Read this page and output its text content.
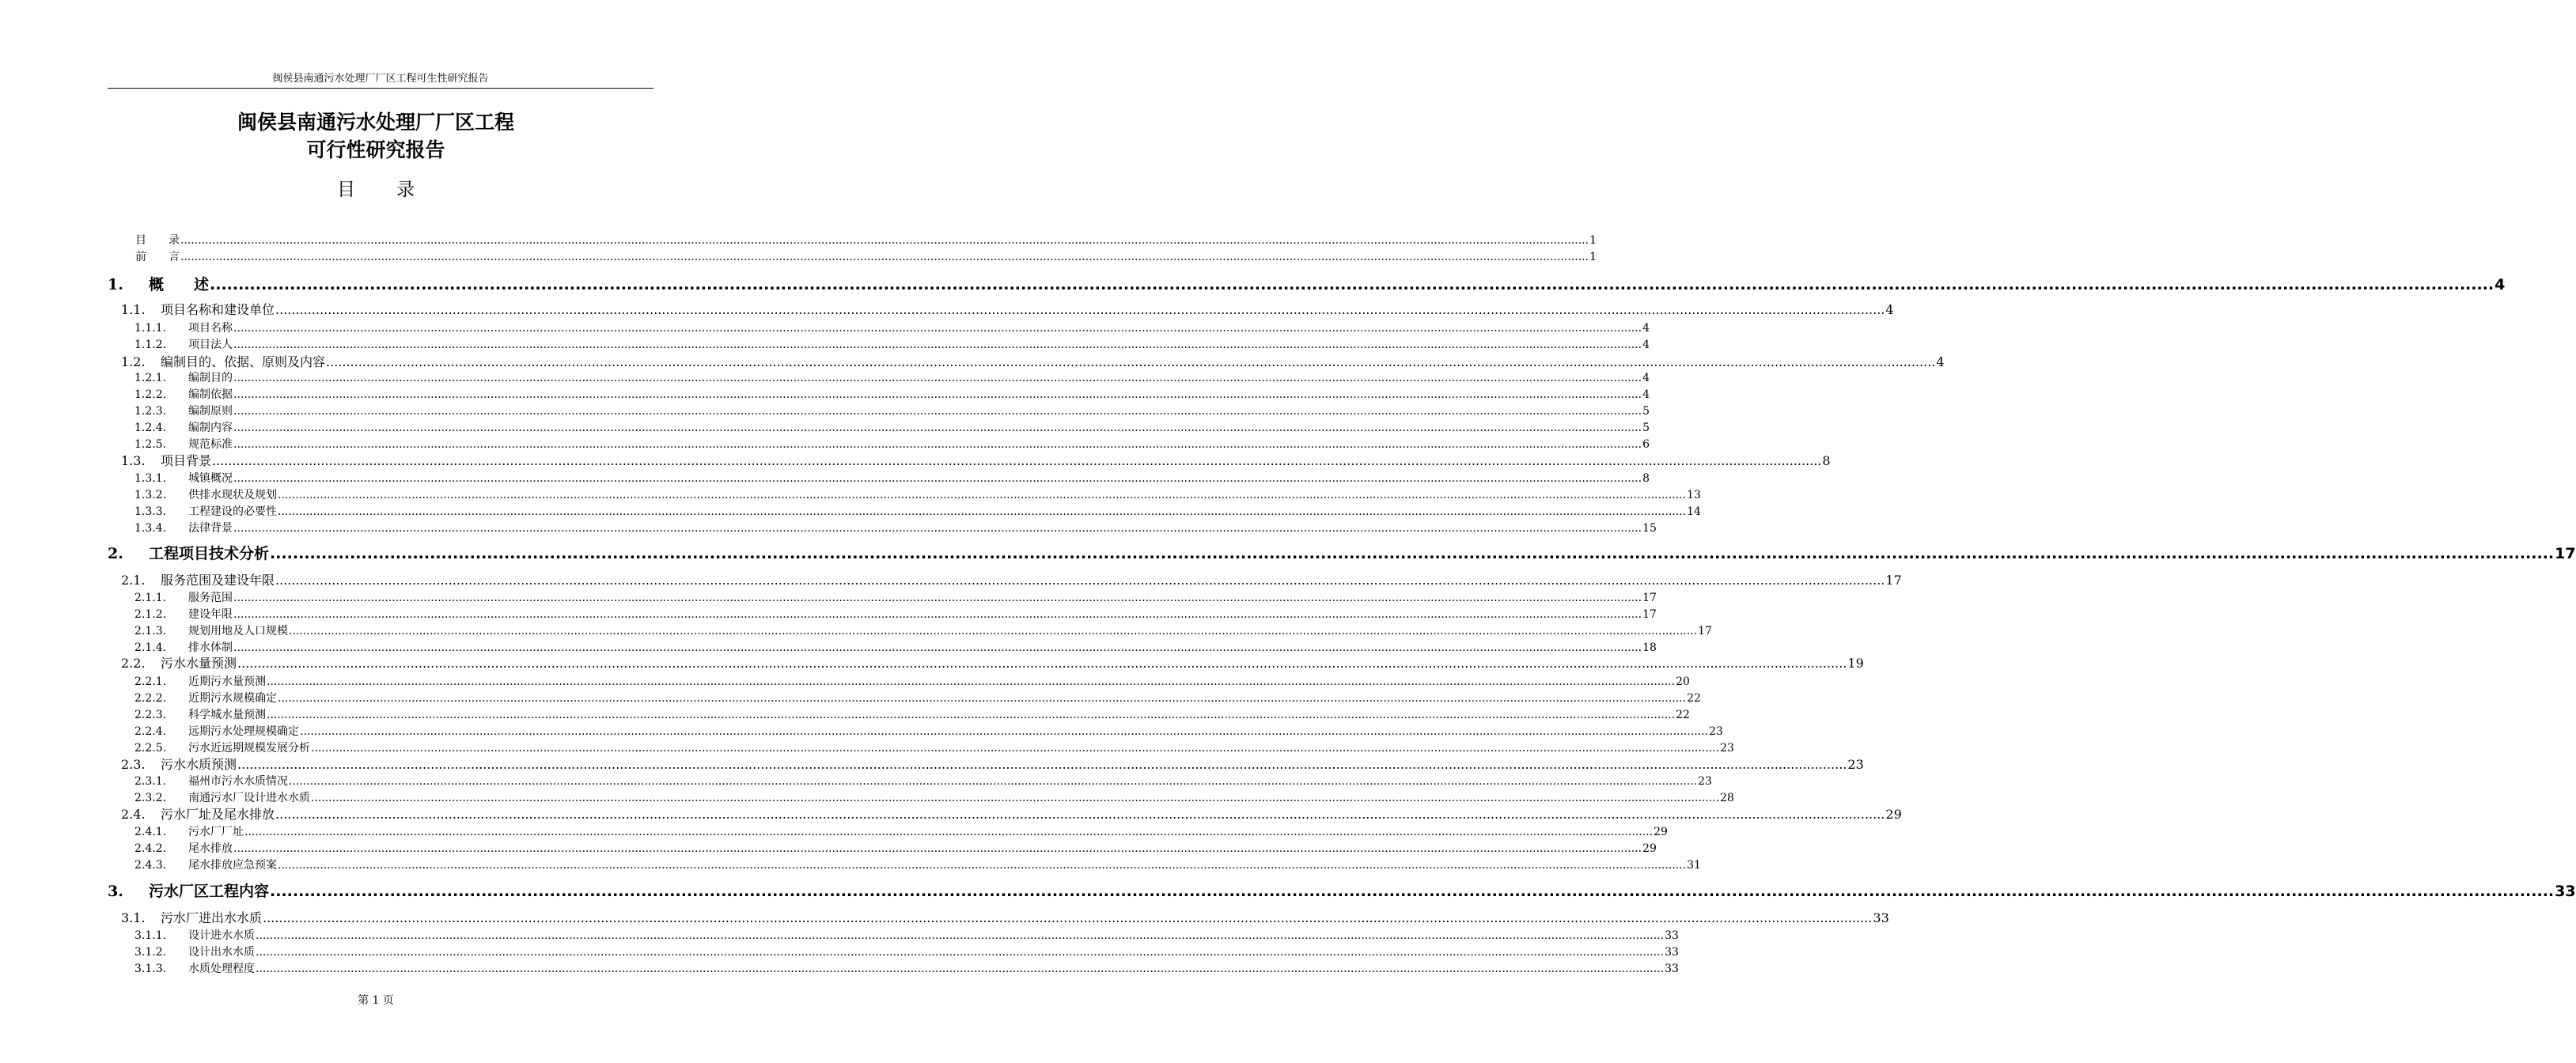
闽侯县南通污水处理厂厂区工程可生性研究报告
闽侯县南通污水处理厂厂区工程
可行性研究报告
目 录
目　　录 ................................................................................................................................................................................................................................................................................................................................................................................................................ 1
前　　言 ................................................................................................................................................................................................................................................................................................................................................................................................................ 1
1.	概　　述 ................................................................................................................................................................................................................................................................................................................................................................................................................ 4
1.1.	项目名称和建设单位 ................................................................................................................................................................................................................................................................................................................................................................................................................ 4
1.1.1.	项目名称 ................................................................................................................................................................................................................................................................................................................................................................................................................ 4
1.1.2.	项目法人 ................................................................................................................................................................................................................................................................................................................................................................................................................ 4
1.2.	编制目的、依据、原则及内容 ................................................................................................................................................................................................................................................................................................................................................................................................................ 4
1.2.1.	编制目的 ................................................................................................................................................................................................................................................................................................................................................................................................................ 4
1.2.2.	编制依据 ................................................................................................................................................................................................................................................................................................................................................................................................................ 4
1.2.3.	编制原则 ................................................................................................................................................................................................................................................................................................................................................................................................................ 5
1.2.4.	编制内容 ................................................................................................................................................................................................................................................................................................................................................................................................................ 5
1.2.5.	规范标准 ................................................................................................................................................................................................................................................................................................................................................................................................................ 6
1.3.	项目背景 ................................................................................................................................................................................................................................................................................................................................................................................................................ 8
1.3.1.	城镇概况 ................................................................................................................................................................................................................................................................................................................................................................................................................ 8
1.3.2.	供排水现状及规划 ................................................................................................................................................................................................................................................................................................................................................................................................................ 13
1.3.3.	工程建设的必要性 ................................................................................................................................................................................................................................................................................................................................................................................................................ 14
1.3.4.	法律背景 ................................................................................................................................................................................................................................................................................................................................................................................................................ 15
2.	工程项目技术分析 ................................................................................................................................................................................................................................................................................................................................................................................................................ 17
2.1.	服务范围及建设年限 ................................................................................................................................................................................................................................................................................................................................................................................................................ 17
2.1.1.	服务范围 ................................................................................................................................................................................................................................................................................................................................................................................................................ 17
2.1.2.	建设年限 ................................................................................................................................................................................................................................................................................................................................................................................................................ 17
2.1.3.	规划用地及人口规模 ................................................................................................................................................................................................................................................................................................................................................................................................................ 17
2.1.4.	排水体制 ................................................................................................................................................................................................................................................................................................................................................................................................................ 18
2.2.	污水水量预测 ................................................................................................................................................................................................................................................................................................................................................................................................................ 19
2.2.1.	近期污水量预测 ................................................................................................................................................................................................................................................................................................................................................................................................................ 20
2.2.2.	近期污水规模确定 ................................................................................................................................................................................................................................................................................................................................................................................................................ 22
2.2.3.	科学城水量预测 ................................................................................................................................................................................................................................................................................................................................................................................................................ 22
2.2.4.	远期污水处理规模确定 ................................................................................................................................................................................................................................................................................................................................................................................................................ 23
2.2.5.	污水近远期规模发展分析 ................................................................................................................................................................................................................................................................................................................................................................................................................ 23
2.3.	污水水质预测 ................................................................................................................................................................................................................................................................................................................................................................................................................ 23
2.3.1.	福州市污水水质情况 ................................................................................................................................................................................................................................................................................................................................................................................................................ 23
2.3.2.	南通污水厂设计进水水质 ................................................................................................................................................................................................................................................................................................................................................................................................................ 28
2.4.	污水厂址及尾水排放 ................................................................................................................................................................................................................................................................................................................................................................................................................ 29
2.4.1.	污水厂厂址 ................................................................................................................................................................................................................................................................................................................................................................................................................ 29
2.4.2.	尾水排放 ................................................................................................................................................................................................................................................................................................................................................................................................................ 29
2.4.3.	尾水排放应急预案 ................................................................................................................................................................................................................................................................................................................................................................................................................ 31
3.	污水厂区工程内容 ................................................................................................................................................................................................................................................................................................................................................................................................................ 33
3.1.	污水厂进出水水质 ................................................................................................................................................................................................................................................................................................................................................................................................................ 33
3.1.1.	设计进水水质 ................................................................................................................................................................................................................................................................................................................................................................................................................ 33
3.1.2.	设计出水水质 ................................................................................................................................................................................................................................................................................................................................................................................................................ 33
3.1.3.	水质处理程度 ................................................................................................................................................................................................................................................................................................................................................................................................................ 33
第 1 页
